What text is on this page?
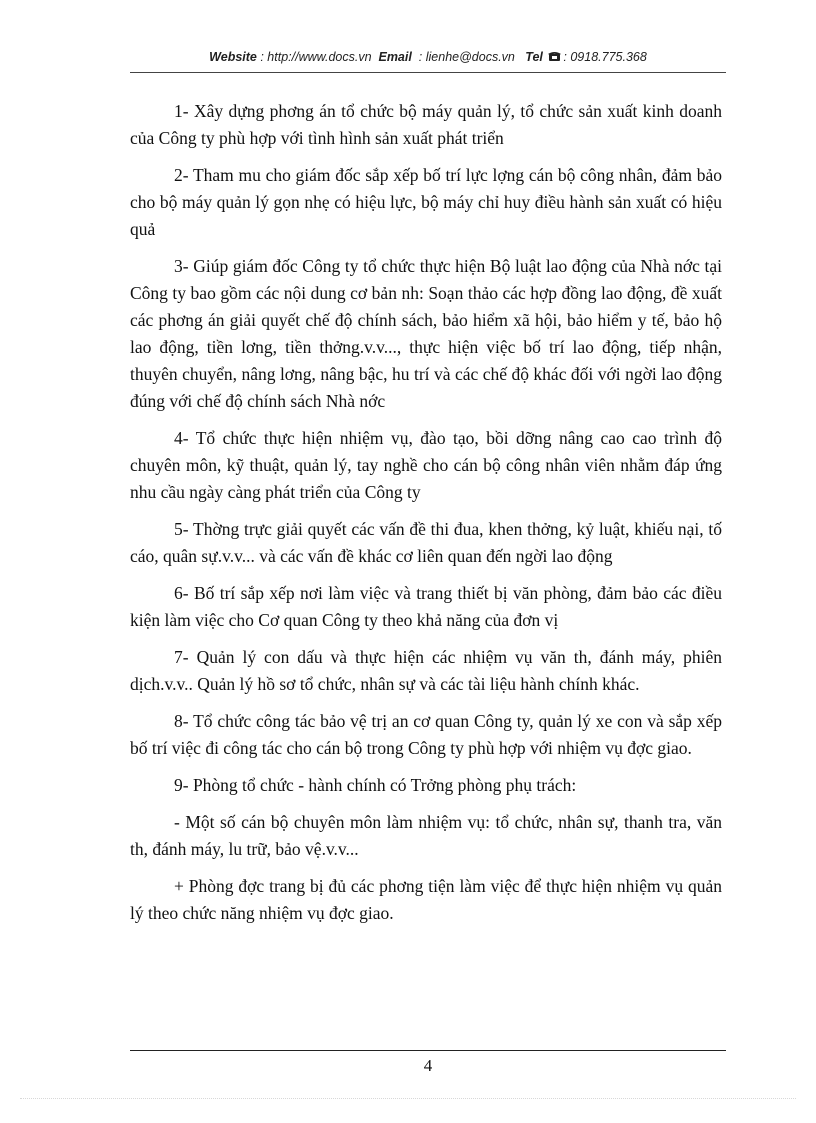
Website : http://www.docs.vn Email : lienhe@docs.vn Tel : 0918.775.368

1- Xây dựng phơng án tổ chức bộ máy quản lý, tổ chức sản xuất kinh doanh của Công ty phù hợp với tình hình sản xuất phát triển

2- Tham mu cho giám đốc sắp xếp bố trí lực lợng cán bộ công nhân, đảm bảo cho bộ máy quản lý gọn nhẹ có hiệu lực, bộ máy chỉ huy điều hành sản xuất có hiệu quả

3- Giúp giám đốc Công ty tổ chức thực hiện Bộ luật lao động của Nhà nớc tại Công ty bao gồm các nội dung cơ bản nh: Soạn thảo các hợp đồng lao động, đề xuất các phơng án giải quyết chế độ chính sách, bảo hiểm xã hội, bảo hiểm y tế, bảo hộ lao động, tiền lơng, tiền thởng.v.v..., thực hiện việc bố trí lao động, tiếp nhận, thuyên chuyển, nâng lơng, nâng bậc, hu trí và các chế độ khác đối với ngời lao động đúng với chế độ chính sách Nhà nớc

4- Tổ chức thực hiện nhiệm vụ, đào tạo, bồi dỡng nâng cao cao trình độ chuyên môn, kỹ thuật, quản lý, tay nghề cho cán bộ công nhân viên nhằm đáp ứng nhu cầu ngày càng phát triển của Công ty

5- Thờng trực giải quyết các vấn đề thi đua, khen thởng, kỷ luật, khiếu nại, tố cáo, quân sự.v.v... và các vấn đề khác cơ liên quan đến ngời lao động

6- Bố trí sắp xếp nơi làm việc và trang thiết bị văn phòng, đảm bảo các điều kiện làm việc cho Cơ quan Công ty theo khả năng của đơn vị

7- Quản lý con dấu và thực hiện các nhiệm vụ văn th, đánh máy, phiên dịch.v.v.. Quản lý hồ sơ tổ chức, nhân sự và các tài liệu hành chính khác.

8- Tổ chức công tác bảo vệ trị an cơ quan Công ty, quản lý xe con và sắp xếp bố trí việc đi công tác cho cán bộ trong Công ty phù hợp với nhiệm vụ đợc giao.

9- Phòng tổ chức - hành chính có Trởng phòng phụ trách:

- Một số cán bộ chuyên môn làm nhiệm vụ: tổ chức, nhân sự, thanh tra, văn th, đánh máy, lu trữ, bảo vệ.v.v...

+ Phòng đợc trang bị đủ các phơng tiện làm việc để thực hiện nhiệm vụ quản lý theo chức năng nhiệm vụ đợc giao.

4
